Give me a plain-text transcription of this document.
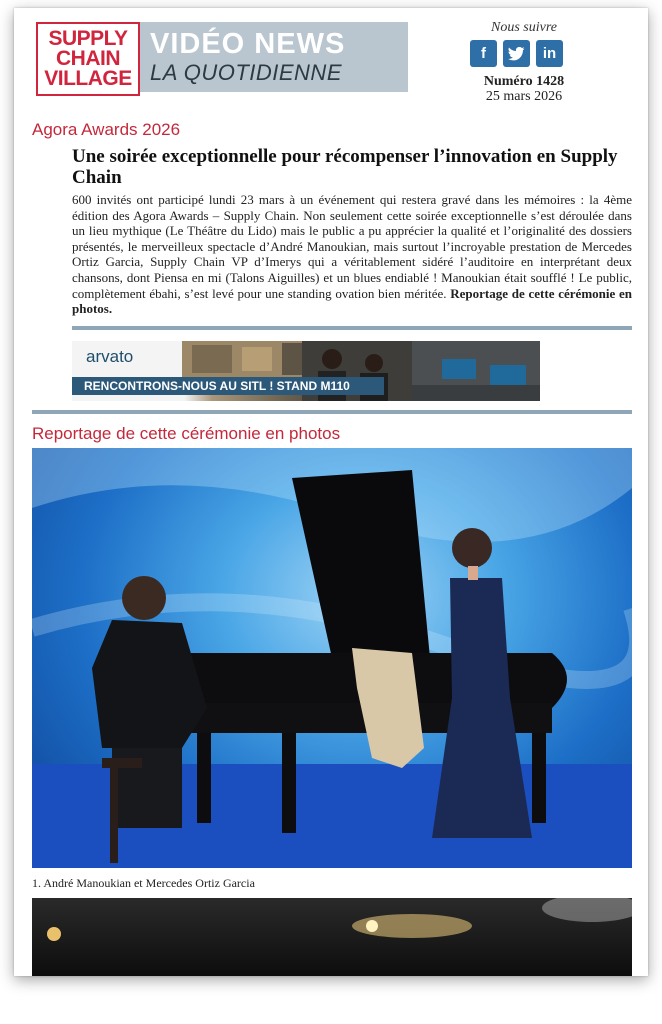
SUPPLY
CHAIN
VILLAGE
VIDÉO NEWS
LA QUOTIDIENNE
Nous suivre
f	in
Numéro 1428
25 mars 2026
Agora Awards 2026
Une soirée exceptionnelle pour récompenser l’innovation en Supply Chain
600 invités ont participé lundi 23 mars à un événement qui restera gravé dans les mémoires : la 4ème édition des Agora Awards – Supply Chain. Non seulement cette soirée exceptionnelle s’est déroulée dans un lieu mythique (Le Théâtre du Lido) mais le public a pu apprécier la qualité et l’originalité des dossiers présentés, le merveilleux spectacle d’André Manoukian, mais surtout l’incroyable prestation de Mercedes Ortiz Garcia, Supply Chain VP d’Imerys qui a véritablement sidéré l’auditoire en interprétant deux chansons, dont Piensa en mi (Talons Aiguilles) et un blues endiablé ! Manoukian était soufflé ! Le public, complètement ébahi, s’est levé pour une standing ovation bien méritée. Reportage de cette cérémonie en photos.
arvato
RENCONTRONS-NOUS AU SITL ! STAND M110
Reportage de cette cérémonie en photos
1. André Manoukian et Mercedes Ortiz Garcia
